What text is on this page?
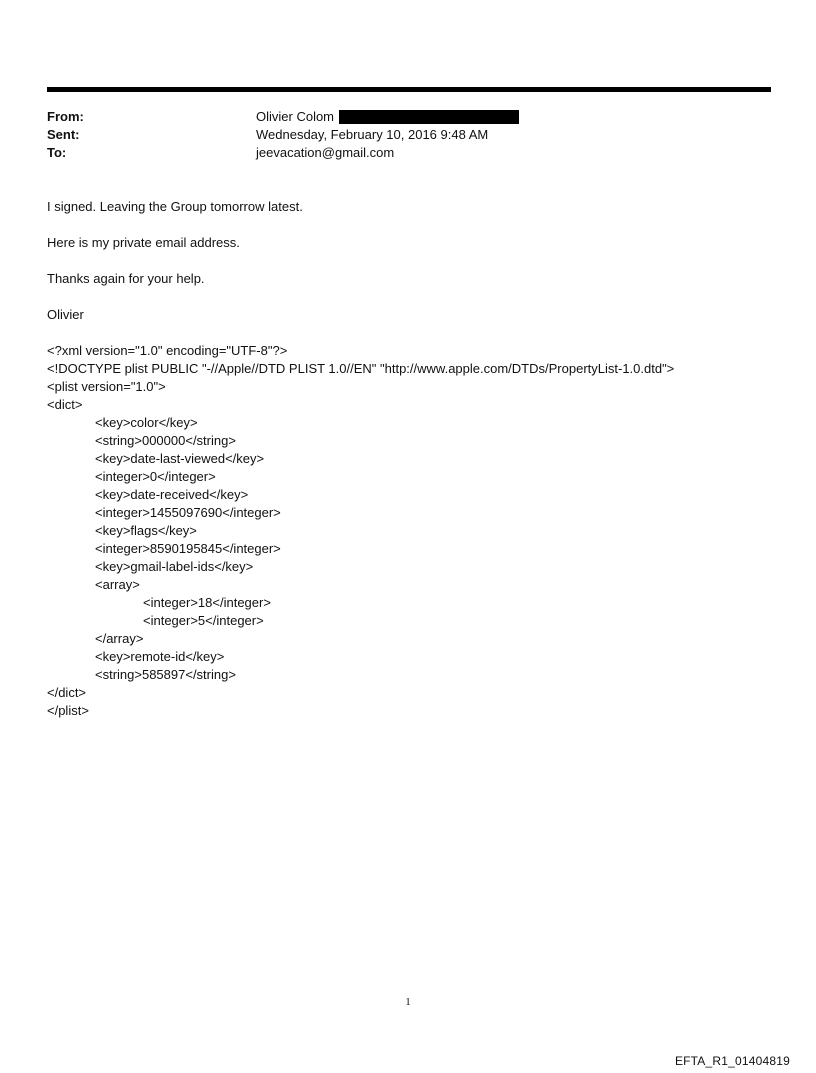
From:	Olivier Colom
Sent:	Wednesday, February 10, 2016 9:48 AM
To:	jeevacation@gmail.com
I signed. Leaving the Group tomorrow latest.
Here is my private email address.
Thanks again for your help.
Olivier
<?xml version="1.0" encoding="UTF-8"?>
<!DOCTYPE plist PUBLIC "-//Apple//DTD PLIST 1.0//EN" "http://www.apple.com/DTDs/PropertyList-1.0.dtd">
<plist version="1.0">
<dict>
<key>color</key>
<string>000000</string>
<key>date-last-viewed</key>
<integer>0</integer>
<key>date-received</key>
<integer>1455097690</integer>
<key>flags</key>
<integer>8590195845</integer>
<key>gmail-label-ids</key>
<array>
<integer>18</integer>
<integer>5</integer>
</array>
<key>remote-id</key>
<string>585897</string>
</dict>
</plist>
1
EFTA_R1_01404819
